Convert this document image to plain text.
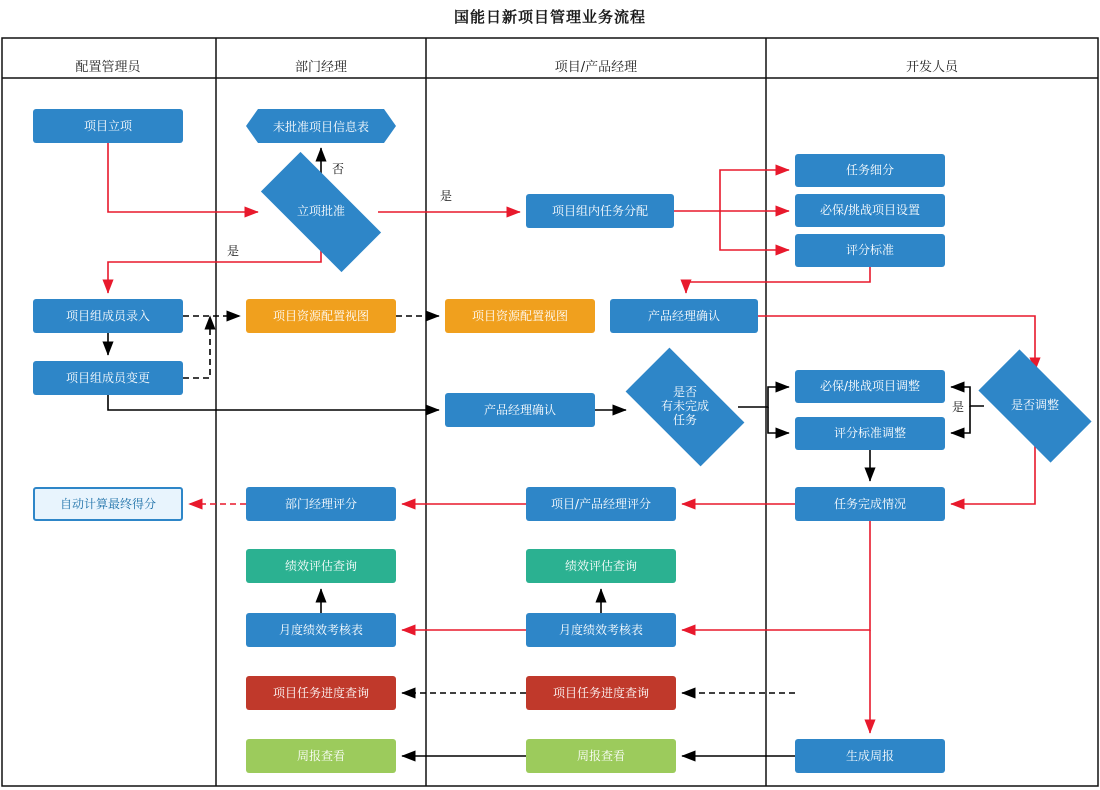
国能日新项目管理业务流程
配置管理员	部门经理	项目/产品经理	开发人员
项目立项	未批准项目信息表
立项批准	项目组内任务分配
任务细分
必保/挑战项目设置
评分标准
项目组成员录入	项目资源配置视图	项目资源配置视图	产品经理确认
项目组成员变更
必保/挑战项目调整
评分标准调整
是否调整
产品经理确认
是否
有未完成
任务
自动计算最终得分	部门经理评分	项目/产品经理评分	任务完成情况
绩效评估查询	绩效评估查询
月度绩效考核表	月度绩效考核表
项目任务进度查询	项目任务进度查询
周报查看	周报查看	生成周报
否
是
是
是
